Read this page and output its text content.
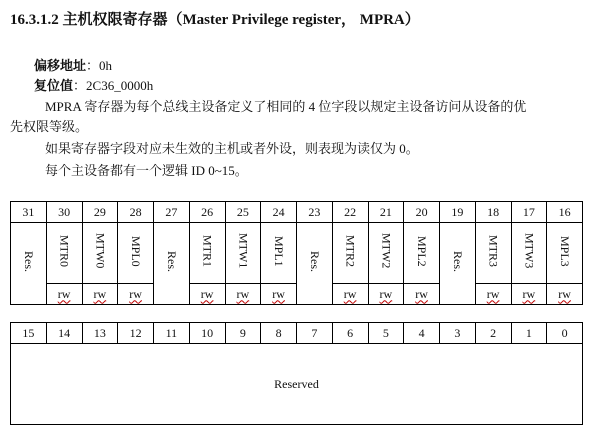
16.3.1.2 主机权限寄存器（Master Privilege register， MPRA）
偏移地址：0h
复位值：2C36_0000h
MPRA 寄存器为每个总线主设备定义了相同的 4 位字段以规定主设备访问从设备的优
先权限等级。
如果寄存器字段对应未生效的主机或者外设，则表现为读仅为 0。
每个主设备都有一个逻辑 ID 0~15。
31	30	29	28	27	26	25	24	23	22	21	20	19	18	17	16
Res.	MTR0	MTW0	MPL0	Res.	MTR1	MTW1	MPL1	Res.	MTR2	MTW2	MPL2	Res.	MTR3	MTW3	MPL3
	rw	rw	rw		rw	rw	rw		rw	rw	rw		rw	rw	rw
15	14	13	12	11	10	9	8	7	6	5	4	3	2	1	0
Reserved
